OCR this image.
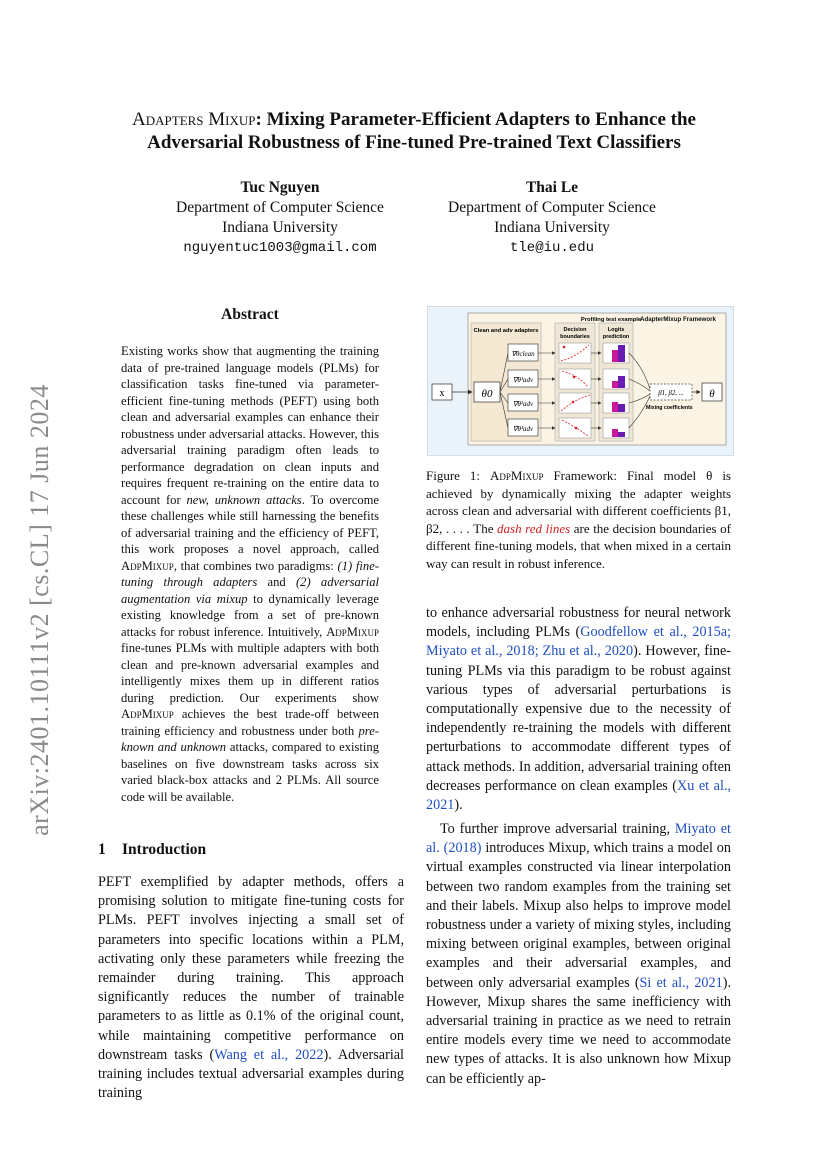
arXiv:2401.10111v2 [cs.CL] 17 Jun 2024
Adapters Mixup: Mixing Parameter-Efficient Adapters to Enhance the Adversarial Robustness of Fine-tuned Pre-trained Text Classifiers
Tuc Nguyen
Department of Computer Science
Indiana University
nguyentuc1003@gmail.com
Thai Le
Department of Computer Science
Indiana University
tle@iu.edu
Abstract

Existing works show that augmenting the training data of pre-trained language models (PLMs) for classification tasks fine-tuned via parameter-efficient fine-tuning methods (PEFT) using both clean and adversarial examples can enhance their robustness under adversarial attacks. However, this adversarial training paradigm often leads to performance degradation on clean inputs and requires frequent re-training on the entire data to account for new, unknown attacks. To overcome these challenges while still harnessing the benefits of adversarial training and the efficiency of PEFT, this work proposes a novel approach, called AdpMixup, that combines two paradigms: (1) fine-tuning through adapters and (2) adversarial augmentation via mixup to dynamically leverage existing knowledge from a set of pre-known attacks for robust inference. Intuitively, AdpMixup fine-tunes PLMs with multiple adapters with both clean and pre-known adversarial examples and intelligently mixes them up in different ratios during prediction. Our experiments show AdpMixup achieves the best trade-off between training efficiency and robustness under both pre-known and unknown attacks, compared to existing baselines on five downstream tasks across six varied black-box attacks and 2 PLMs. All source code will be available.

1 Introduction

PEFT exemplified by adapter methods, offers a promising solution to mitigate fine-tuning costs for PLMs. PEFT involves injecting a small set of parameters into specific locations within a PLM, activating only these parameters while freezing the remainder during training. This approach significantly reduces the number of trainable parameters to as little as 0.1% of the original count, while maintaining competitive performance on downstream tasks (Wang et al., 2022). Adversarial training includes textual adversarial examples during training

AdapterMixup Framework
Clean and adv adapters
Profiling test example
Decision
boundaries
Logits
prediction
x	θ0
∇θclean
∇θ¹adv
∇θ²adv
∇θ³adv
β1, β2, ...
Mixing coefficients
θ

Figure 1: AdpMixup Framework: Final model θ is achieved by dynamically mixing the adapter weights across clean and adversarial with different coefficients β1, β2, . . . . The dash red lines are the decision boundaries of different fine-tuning models, that when mixed in a certain way can result in robust inference.

to enhance adversarial robustness for neural network models, including PLMs (Goodfellow et al., 2015a; Miyato et al., 2018; Zhu et al., 2020). However, fine-tuning PLMs via this paradigm to be robust against various types of adversarial perturbations is computationally expensive due to the necessity of independently re-training the models with different perturbations to accommodate different types of attack methods. In addition, adversarial training often decreases performance on clean examples (Xu et al., 2021).

To further improve adversarial training, Miyato et al. (2018) introduces Mixup, which trains a model on virtual examples constructed via linear interpolation between two random examples from the training set and their labels. Mixup also helps to improve model robustness under a variety of mixing styles, including mixing between original examples, between original examples and their adversarial examples, and between only adversarial examples (Si et al., 2021). However, Mixup shares the same inefficiency with adversarial training in practice as we need to retrain entire models every time we need to accommodate new types of attacks. It is also unknown how Mixup can be efficiently ap-
